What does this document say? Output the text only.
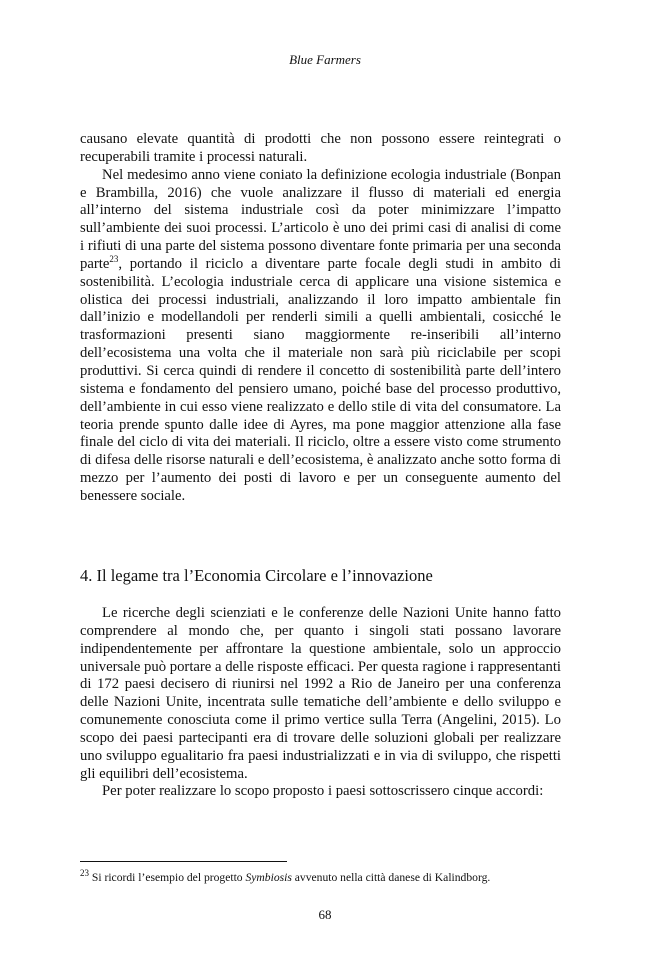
Blue Farmers

causano elevate quantità di prodotti che non possono essere reintegrati o recuperabili tramite i processi naturali.

Nel medesimo anno viene coniato la definizione ecologia industriale (Bonpan e Brambilla, 2016) che vuole analizzare il flusso di materiali ed energia all’interno del sistema industriale così da poter minimizzare l’impatto sull’ambiente dei suoi processi. L’articolo è uno dei primi casi di analisi di come i rifiuti di una parte del sistema possono diventare fonte primaria per una seconda parte$^{23}$, portando il riciclo a diventare parte focale degli studi in ambito di sostenibilità. L’ecologia industriale cerca di applicare una visione sistemica e olistica dei processi industriali, analizzando il loro impatto ambientale fin dall’inizio e modellandoli per renderli simili a quelli ambientali, cosicché le trasformazioni presenti siano maggiormente re-inseribili all’interno dell’ecosistema una volta che il materiale non sarà più riciclabile per scopi produttivi. Si cerca quindi di rendere il concetto di sostenibilità parte dell’intero sistema e fondamento del pensiero umano, poiché base del processo produttivo, dell’ambiente in cui esso viene realizzato e dello stile di vita del consumatore. La teoria prende spunto dalle idee di Ayres, ma pone maggior attenzione alla fase finale del ciclo di vita dei materiali. Il riciclo, oltre a essere visto come strumento di difesa delle risorse naturali e dell’ecosistema, è analizzato anche sotto forma di mezzo per l’aumento dei posti di lavoro e per un conseguente aumento del benessere sociale.

4. Il legame tra l’Economia Circolare e l’innovazione

Le ricerche degli scienziati e le conferenze delle Nazioni Unite hanno fatto comprendere al mondo che, per quanto i singoli stati possano lavorare indipendentemente per affrontare la questione ambientale, solo un approccio universale può portare a delle risposte efficaci. Per questa ragione i rappresentanti di 172 paesi decisero di riunirsi nel 1992 a Rio de Janeiro per una conferenza delle Nazioni Unite, incentrata sulle tematiche dell’ambiente e dello sviluppo e comunemente conosciuta come il primo vertice sulla Terra (Angelini, 2015). Lo scopo dei paesi partecipanti era di trovare delle soluzioni globali per realizzare uno sviluppo egualitario fra paesi industrializzati e in via di sviluppo, che rispetti gli equilibri dell’ecosistema.

Per poter realizzare lo scopo proposto i paesi sottoscrissero cinque accordi:

$^{23}$ Si ricordi l’esempio del progetto Symbiosis avvenuto nella città danese di Kalindborg.
68
